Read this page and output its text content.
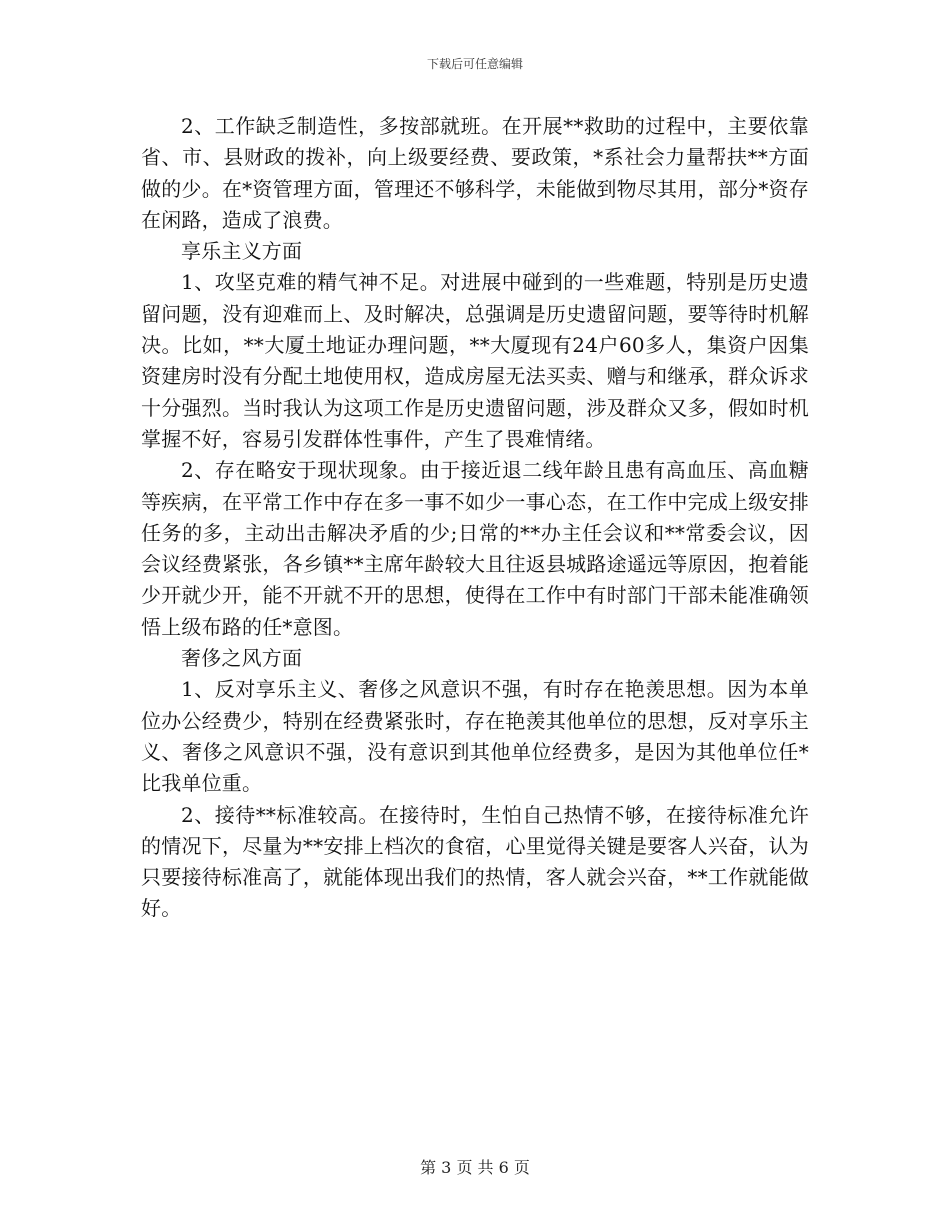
下载后可任意编辑

2、工作缺乏制造性，多按部就班。在开展**救助的过程中，主要依靠省、市、县财政的拨补，向上级要经费、要政策，*系社会力量帮扶**方面做的少。在*资管理方面，管理还不够科学，未能做到物尽其用，部分*资存在闲路，造成了浪费。

享乐主义方面

1、攻坚克难的精气神不足。对进展中碰到的一些难题，特别是历史遗留问题，没有迎难而上、及时解决，总强调是历史遗留问题，要等待时机解决。比如，**大厦土地证办理问题，**大厦现有24户60多人，集资户因集资建房时没有分配土地使用权，造成房屋无法买卖、赠与和继承，群众诉求十分强烈。当时我认为这项工作是历史遗留问题，涉及群众又多，假如时机掌握不好，容易引发群体性事件，产生了畏难情绪。

2、存在略安于现状现象。由于接近退二线年龄且患有高血压、高血糖等疾病，在平常工作中存在多一事不如少一事心态，在工作中完成上级安排任务的多，主动出击解决矛盾的少;日常的**办主任会议和**常委会议，因会议经费紧张，各乡镇**主席年龄较大且往返县城路途遥远等原因，抱着能少开就少开，能不开就不开的思想，使得在工作中有时部门干部未能准确领悟上级布路的任*意图。

奢侈之风方面

1、反对享乐主义、奢侈之风意识不强，有时存在艳羡思想。因为本单位办公经费少，特别在经费紧张时，存在艳羡其他单位的思想，反对享乐主义、奢侈之风意识不强，没有意识到其他单位经费多，是因为其他单位任*比我单位重。

2、接待**标准较高。在接待时，生怕自己热情不够，在接待标准允许的情况下，尽量为**安排上档次的食宿，心里觉得关键是要客人兴奋，认为只要接待标准高了，就能体现出我们的热情，客人就会兴奋，**工作就能做好。

第 3 页 共 6 页
